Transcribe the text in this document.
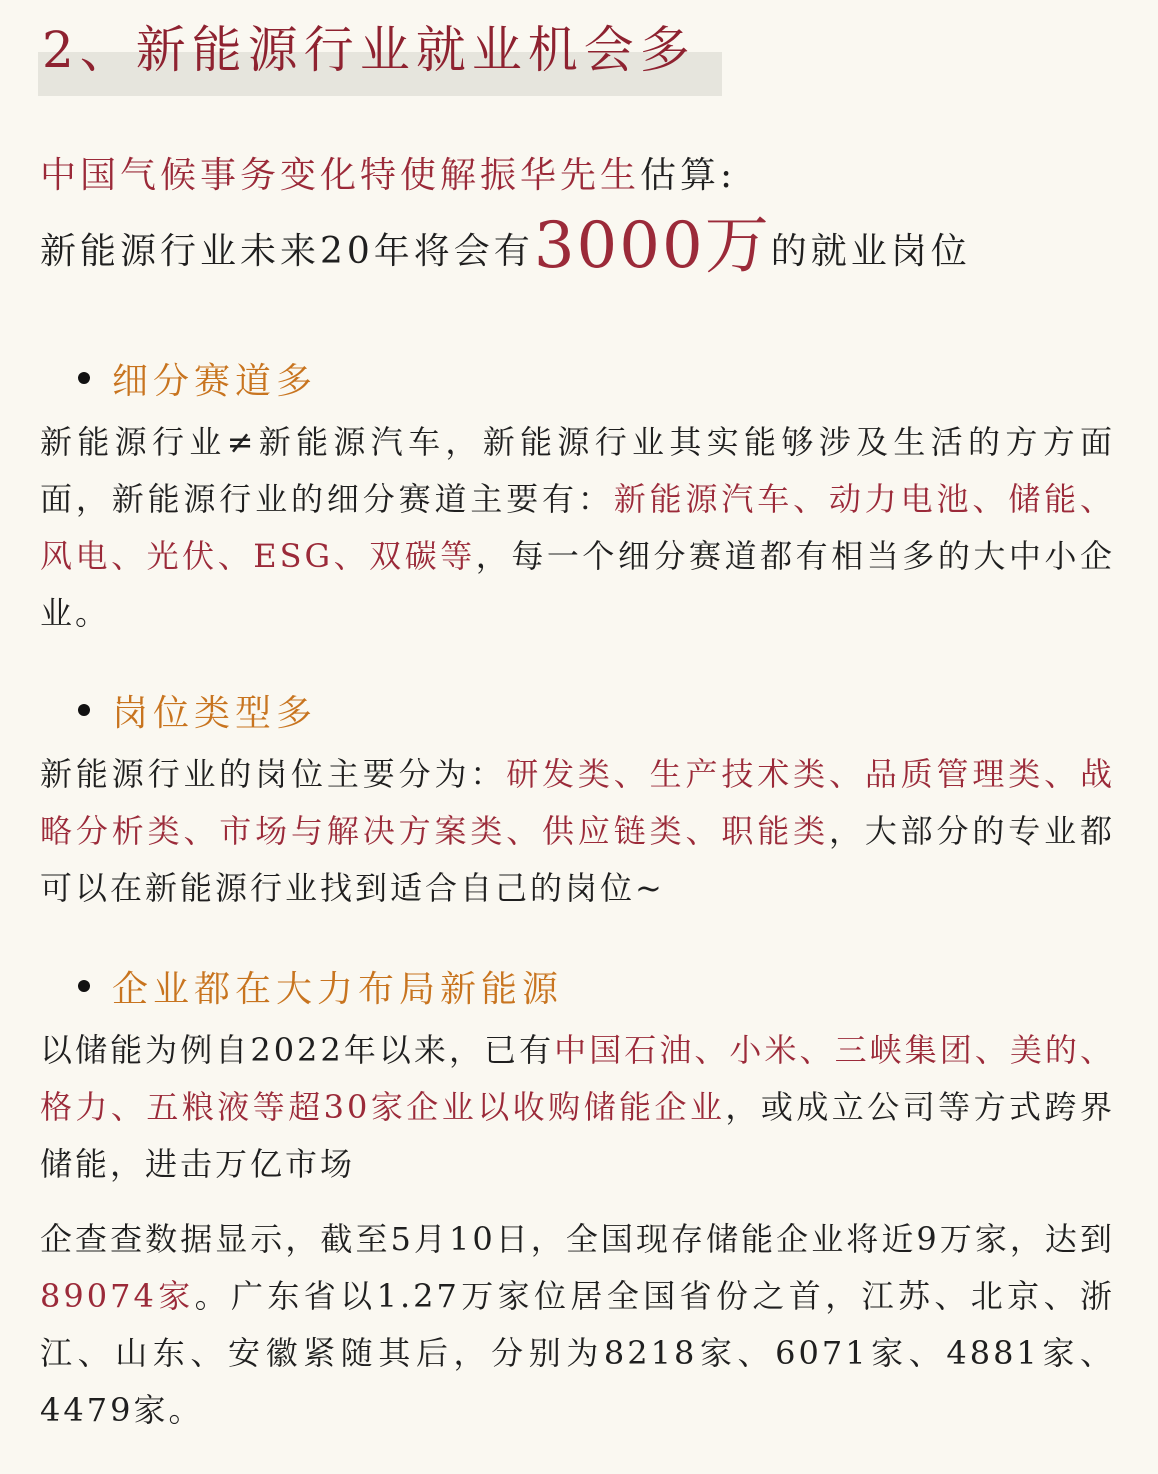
2、新能源行业就业机会多
中国气候事务变化特使解振华先生估算:
新能源行业未来20年将会有3000万的就业岗位
细分赛道多

新能源行业≠新能源汽车，新能源行业其实能够涉及生活的方方面面，新能源行业的细分赛道主要有：新能源汽车、动力电池、储能、风电、光伏、ESG、双碳等，每一个细分赛道都有相当多的大中小企业。

岗位类型多

新能源行业的岗位主要分为：研发类、生产技术类、品质管理类、战略分析类、市场与解决方案类、供应链类、职能类，大部分的专业都可以在新能源行业找到适合自己的岗位~

企业都在大力布局新能源

以储能为例自2022年以来，已有中国石油、小米、三峡集团、美的、格力、五粮液等超30家企业以收购储能企业，或成立公司等方式跨界储能，进击万亿市场

企查查数据显示，截至5月10日，全国现存储能企业将近9万家，达到89074家。广东省以1.27万家位居全国省份之首，江苏、北京、浙江、山东、安徽紧随其后，分别为8218家、6071家、4881家、4479家。
